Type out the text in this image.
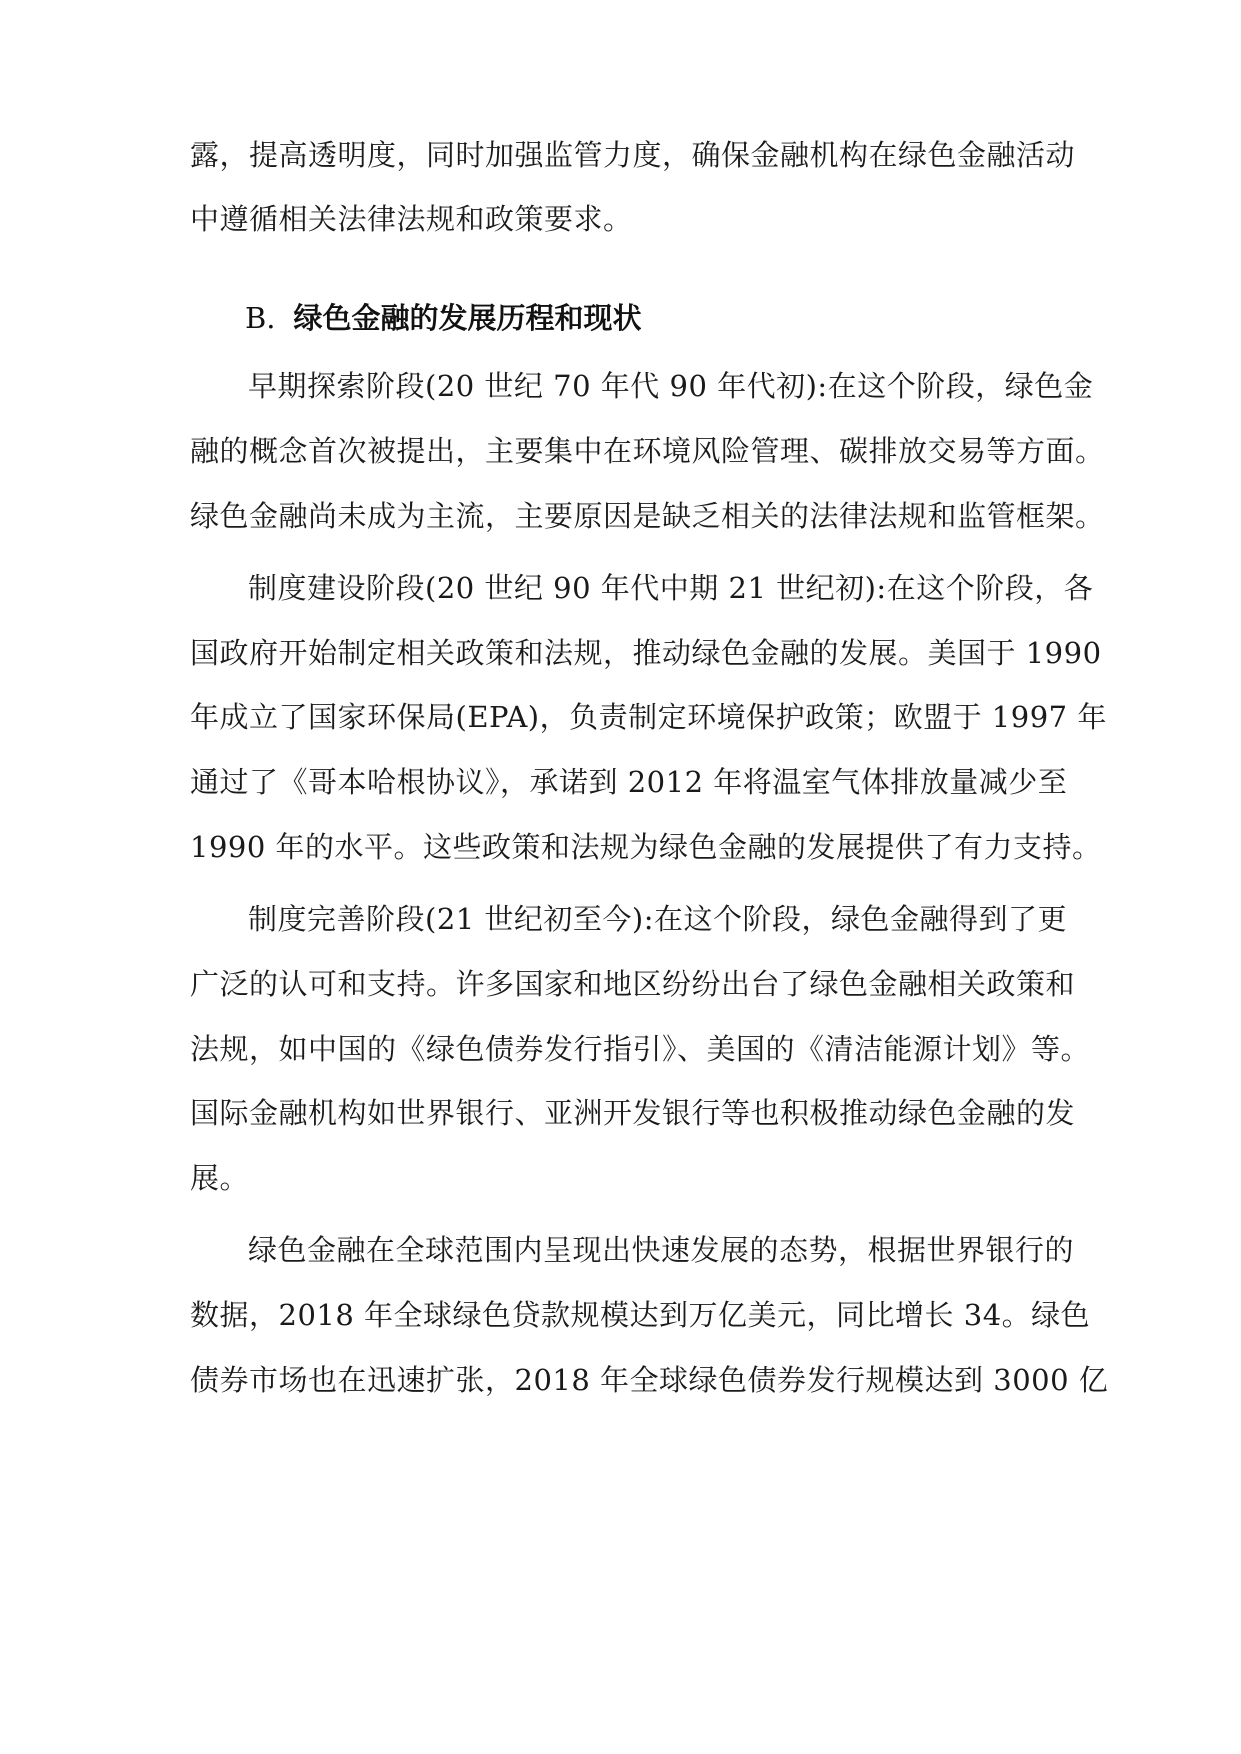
露，提高透明度，同时加强监管力度，确保金融机构在绿色金融活动
中遵循相关法律法规和政策要求。
B. 绿色金融的发展历程和现状
早期探索阶段(20 世纪 70 年代 90 年代初):在这个阶段，绿色金
融的概念首次被提出，主要集中在环境风险管理、碳排放交易等方面。
绿色金融尚未成为主流，主要原因是缺乏相关的法律法规和监管框架。
制度建设阶段(20 世纪 90 年代中期 21 世纪初):在这个阶段，各
国政府开始制定相关政策和法规，推动绿色金融的发展。美国于 1990
年成立了国家环保局(EPA)，负责制定环境保护政策；欧盟于 1997 年
通过了《哥本哈根协议》，承诺到 2012 年将温室气体排放量减少至
1990 年的水平。这些政策和法规为绿色金融的发展提供了有力支持。
制度完善阶段(21 世纪初至今):在这个阶段，绿色金融得到了更
广泛的认可和支持。许多国家和地区纷纷出台了绿色金融相关政策和
法规，如中国的《绿色债券发行指引》、美国的《清洁能源计划》等。
国际金融机构如世界银行、亚洲开发银行等也积极推动绿色金融的发
展。
绿色金融在全球范围内呈现出快速发展的态势，根据世界银行的
数据，2018 年全球绿色贷款规模达到万亿美元，同比增长 34。绿色
债券市场也在迅速扩张，2018 年全球绿色债券发行规模达到 3000 亿
